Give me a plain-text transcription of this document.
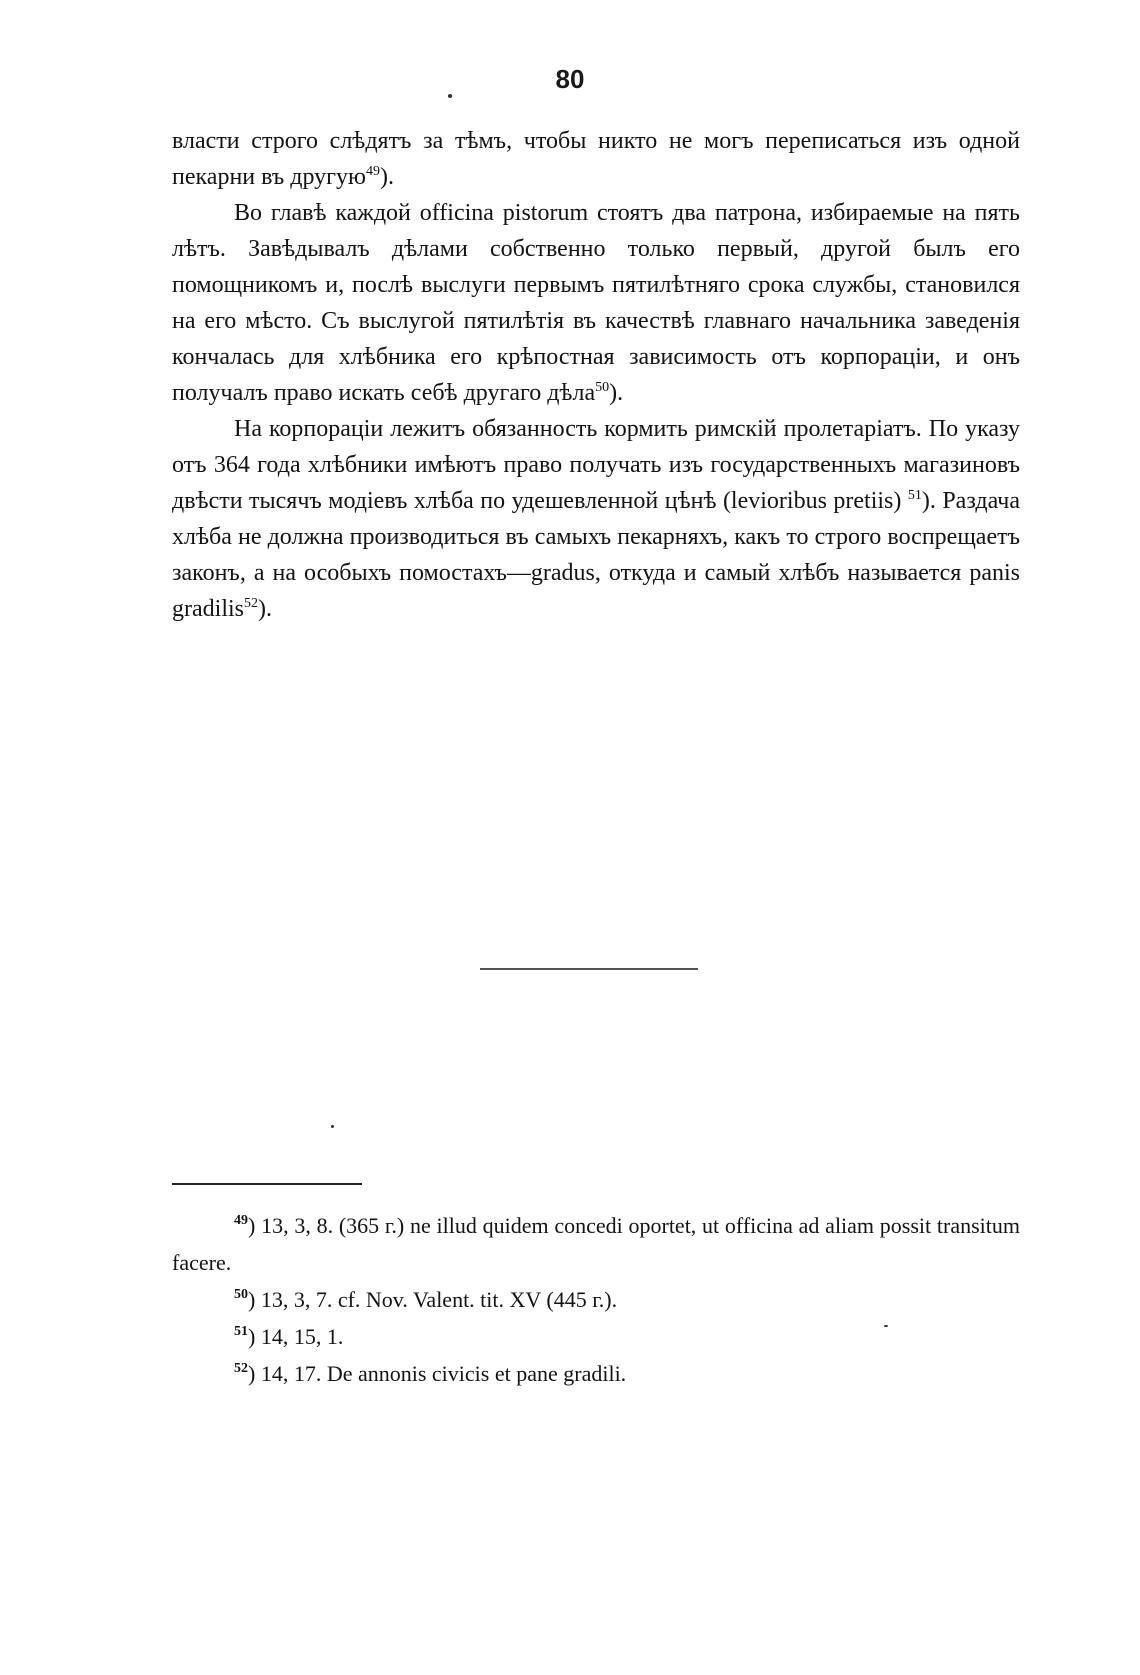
80

власти строго слѣдятъ за тѣмъ, чтобы никто не могъ переписаться изъ одной пекарни въ другую$^{49}$).

Во главѣ каждой officina pistorum стоятъ два патрона, избираемые на пять лѣтъ. Завѣдывалъ дѣлами собственно только первый, другой былъ его помощникомъ и, послѣ выслуги первымъ пятилѣтняго срока службы, становился на его мѣсто. Съ выслугой пятилѣтія въ качествѣ главнаго начальника заведенія кончалась для хлѣбника его крѣпостная зависимость отъ корпораціи, и онъ получалъ право искать себѣ другаго дѣла$^{50}$).

На корпораціи лежитъ обязанность кормить римскій пролетаріатъ. По указу отъ 364 года хлѣбники имѣютъ право получать изъ государственныхъ магазиновъ двѣсти тысячъ модіевъ хлѣба по удешевленной цѣнѣ (leviorіbus pretiis) $^{51}$). Раздача хлѣба не должна производиться въ самыхъ пекарняхъ, какъ то строго воспрещаетъ законъ, а на особыхъ помостахъ—gradus, откуда и самый хлѣбъ называется panis gradilis$^{52}$).

$^{49}$) 13, 3, 8. (365 г.) ne illud quidem concedi oportet, ut officina ad aliam possit transitum facere.

$^{50}$) 13, 3, 7. cf. Nov. Valent. tit. XV (445 г.).

$^{51}$) 14, 15, 1.

$^{52}$) 14, 17. De annonis civicis et pane gradili.
